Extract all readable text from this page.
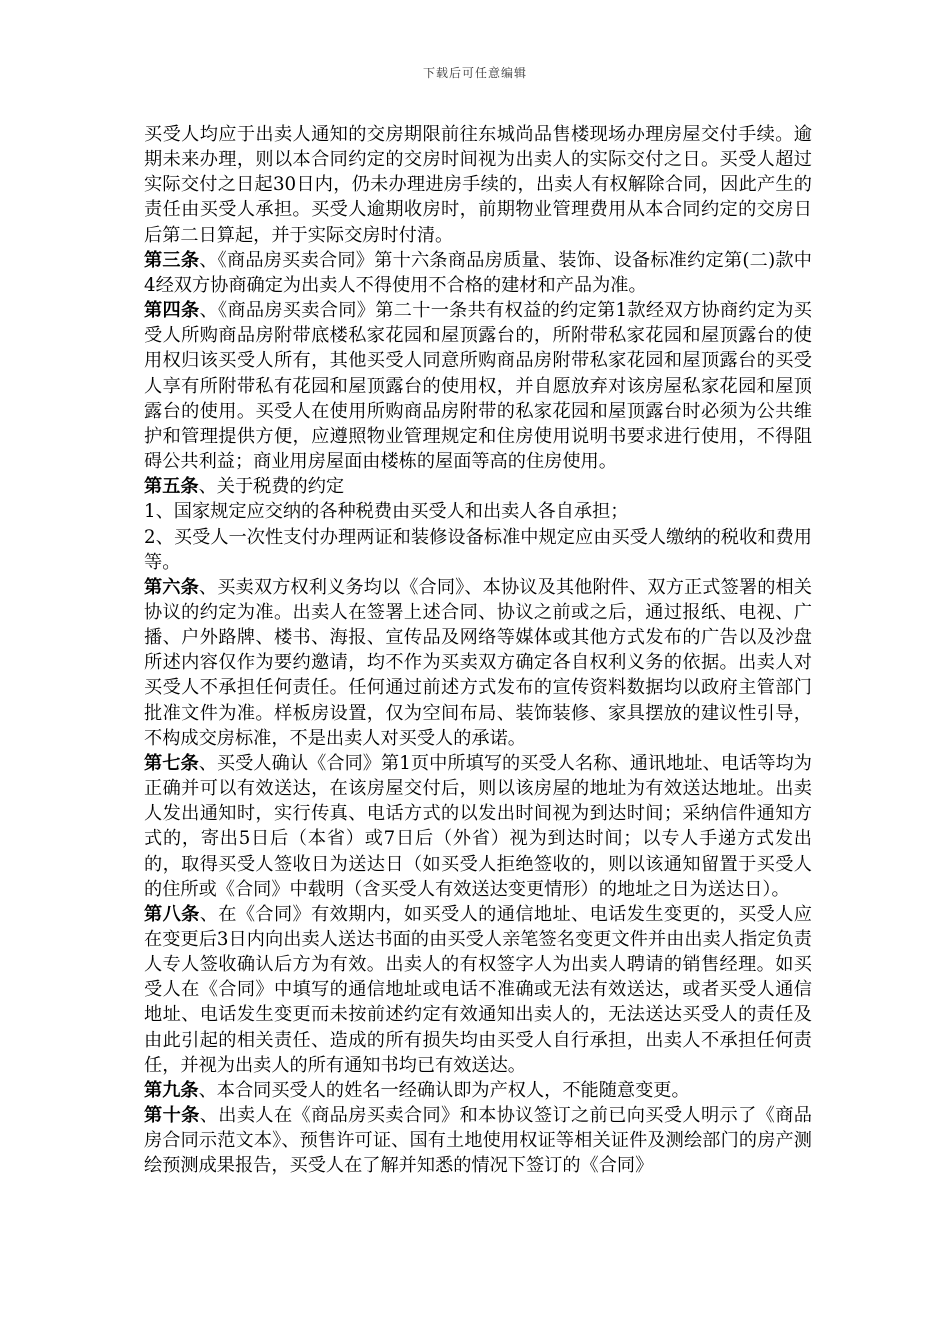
下载后可任意编辑

买受人均应于出卖人通知的交房期限前往东城尚品售楼现场办理房屋交付手续。逾期未来办理，则以本合同约定的交房时间视为出卖人的实际交付之日。买受人超过实际交付之日起30日内，仍未办理进房手续的，出卖人有权解除合同，因此产生的责任由买受人承担。买受人逾期收房时，前期物业管理费用从本合同约定的交房日后第二日算起，并于实际交房时付清。

第三条、《商品房买卖合同》第十六条商品房质量、装饰、设备标准约定第(二)款中4经双方协商确定为出卖人不得使用不合格的建材和产品为准。

第四条、《商品房买卖合同》第二十一条共有权益的约定第1款经双方协商约定为买受人所购商品房附带底楼私家花园和屋顶露台的，所附带私家花园和屋顶露台的使用权归该买受人所有，其他买受人同意所购商品房附带私家花园和屋顶露台的买受人享有所附带私有花园和屋顶露台的使用权，并自愿放弃对该房屋私家花园和屋顶露台的使用。买受人在使用所购商品房附带的私家花园和屋顶露台时必须为公共维护和管理提供方便，应遵照物业管理规定和住房使用说明书要求进行使用，不得阻碍公共利益；商业用房屋面由楼栋的屋面等高的住房使用。

第五条、关于税费的约定

1、国家规定应交纳的各种税费由买受人和出卖人各自承担；

2、买受人一次性支付办理两证和装修设备标准中规定应由买受人缴纳的税收和费用等。

第六条、买卖双方权利义务均以《合同》、本协议及其他附件、双方正式签署的相关协议的约定为准。出卖人在签署上述合同、协议之前或之后，通过报纸、电视、广播、户外路牌、楼书、海报、宣传品及网络等媒体或其他方式发布的广告以及沙盘所述内容仅作为要约邀请，均不作为买卖双方确定各自权利义务的依据。出卖人对买受人不承担任何责任。任何通过前述方式发布的宣传资料数据均以政府主管部门批准文件为准。样板房设置，仅为空间布局、装饰装修、家具摆放的建议性引导，不构成交房标准，不是出卖人对买受人的承诺。

第七条、买受人确认《合同》第1页中所填写的买受人名称、通讯地址、电话等均为正确并可以有效送达，在该房屋交付后，则以该房屋的地址为有效送达地址。出卖人发出通知时，实行传真、电话方式的以发出时间视为到达时间；采纳信件通知方式的，寄出5日后（本省）或7日后（外省）视为到达时间；以专人手递方式发出的，取得买受人签收日为送达日（如买受人拒绝签收的，则以该通知留置于买受人的住所或《合同》中载明（含买受人有效送达变更情形）的地址之日为送达日）。

第八条、在《合同》有效期内，如买受人的通信地址、电话发生变更的，买受人应在变更后3日内向出卖人送达书面的由买受人亲笔签名变更文件并由出卖人指定负责人专人签收确认后方为有效。出卖人的有权签字人为出卖人聘请的销售经理。如买受人在《合同》中填写的通信地址或电话不准确或无法有效送达，或者买受人通信地址、电话发生变更而未按前述约定有效通知出卖人的，无法送达买受人的责任及由此引起的相关责任、造成的所有损失均由买受人自行承担，出卖人不承担任何责任，并视为出卖人的所有通知书均已有效送达。

第九条、本合同买受人的姓名一经确认即为产权人，不能随意变更。

第十条、出卖人在《商品房买卖合同》和本协议签订之前已向买受人明示了《商品房合同示范文本》、预售许可证、国有土地使用权证等相关证件及测绘部门的房产测绘预测成果报告，买受人在了解并知悉的情况下签订的《合同》
